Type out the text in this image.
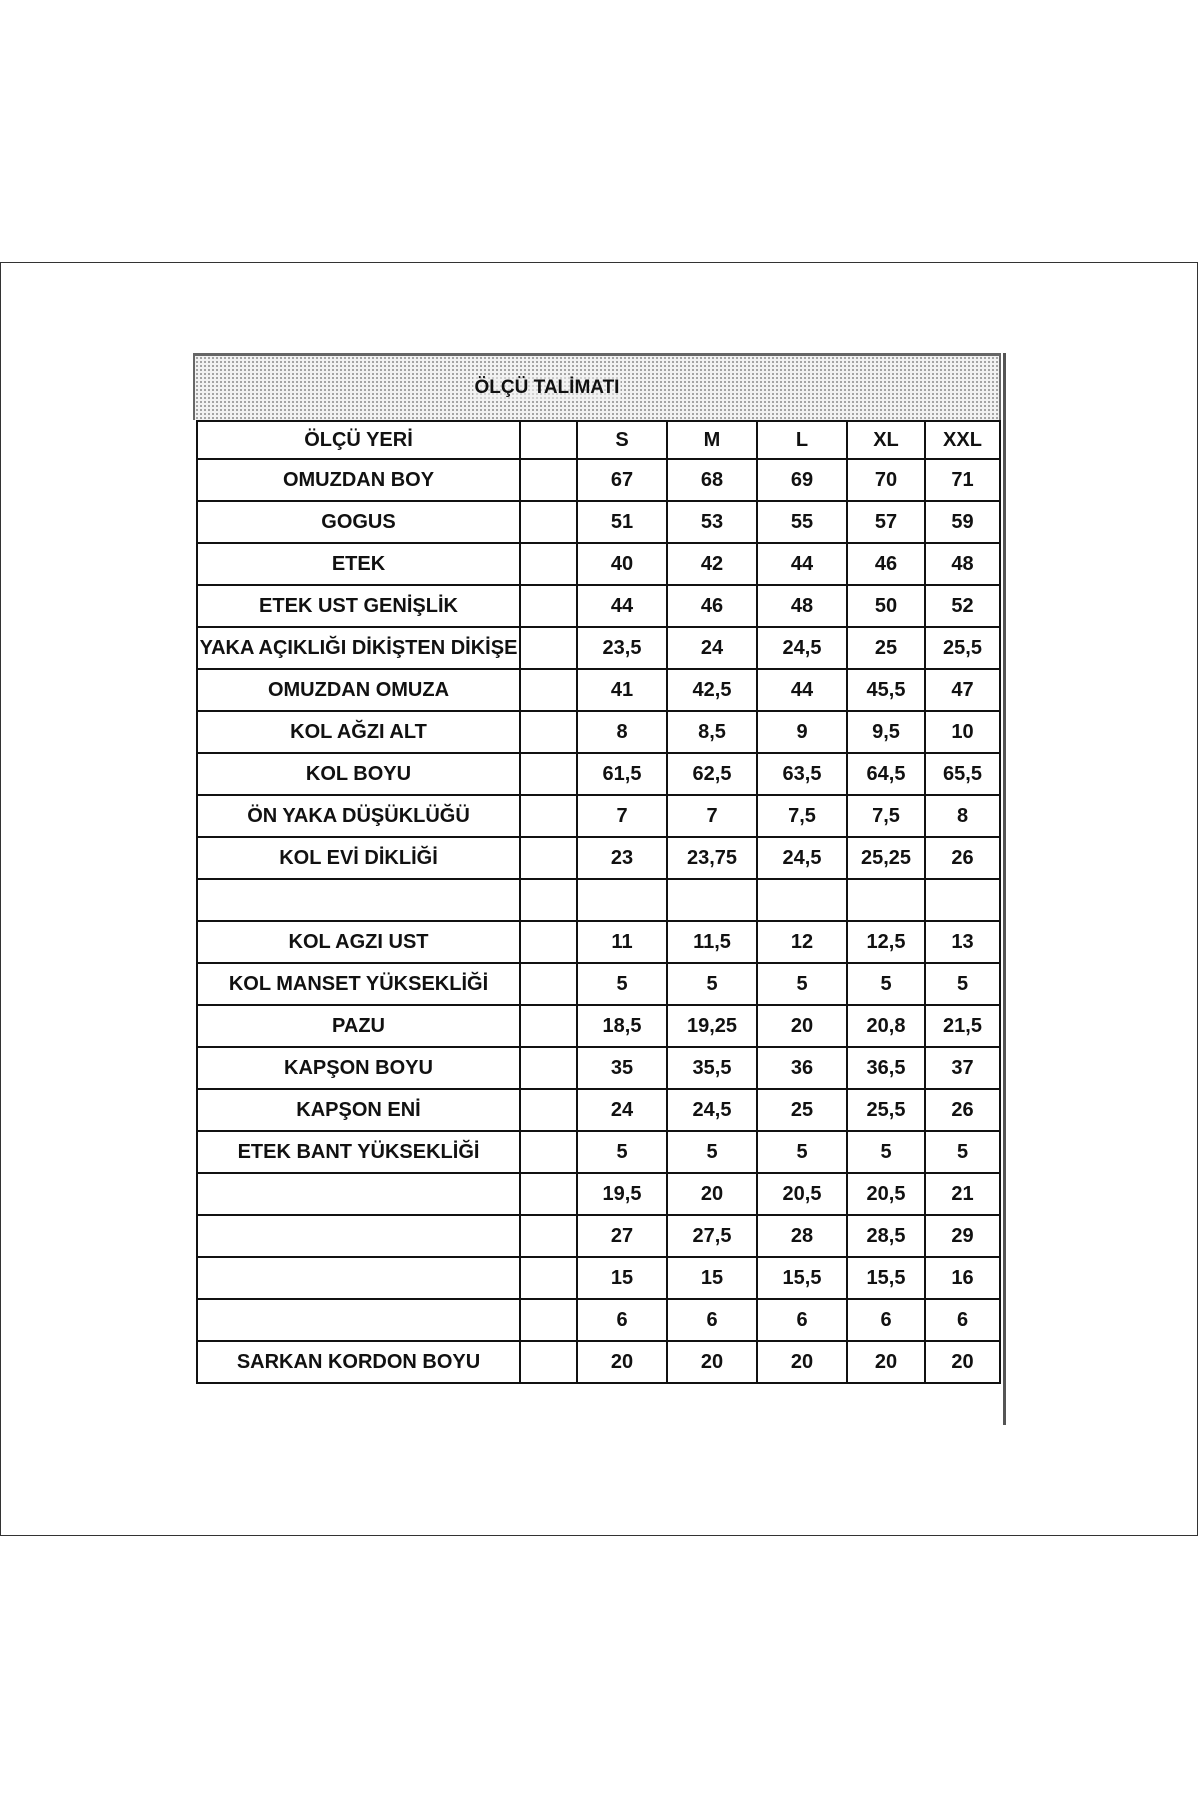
ÖLÇÜ TALİMATI
ÖLÇÜ YERİ		S	M	L	XL	XXL
OMUZDAN BOY		67	68	69	70	71
GOGUS		51	53	55	57	59
ETEK		40	42	44	46	48
ETEK UST GENİŞLİK		44	46	48	50	52
YAKA AÇIKLIĞI DİKİŞTEN DİKİŞE		23,5	24	24,5	25	25,5
OMUZDAN OMUZA		41	42,5	44	45,5	47
KOL AĞZI ALT		8	8,5	9	9,5	10
KOL BOYU		61,5	62,5	63,5	64,5	65,5
ÖN YAKA DÜŞÜKLÜĞÜ		7	7	7,5	7,5	8
KOL EVİ DİKLİĞİ		23	23,75	24,5	25,25	26

KOL AGZI UST		11	11,5	12	12,5	13
KOL MANSET YÜKSEKLİĞİ		5	5	5	5	5
PAZU		18,5	19,25	20	20,8	21,5
KAPŞON BOYU		35	35,5	36	36,5	37
KAPŞON ENİ		24	24,5	25	25,5	26
ETEK BANT YÜKSEKLİĞİ		5	5	5	5	5
		19,5	20	20,5	20,5	21
		27	27,5	28	28,5	29
		15	15	15,5	15,5	16
		6	6	6	6	6
SARKAN KORDON BOYU		20	20	20	20	20
